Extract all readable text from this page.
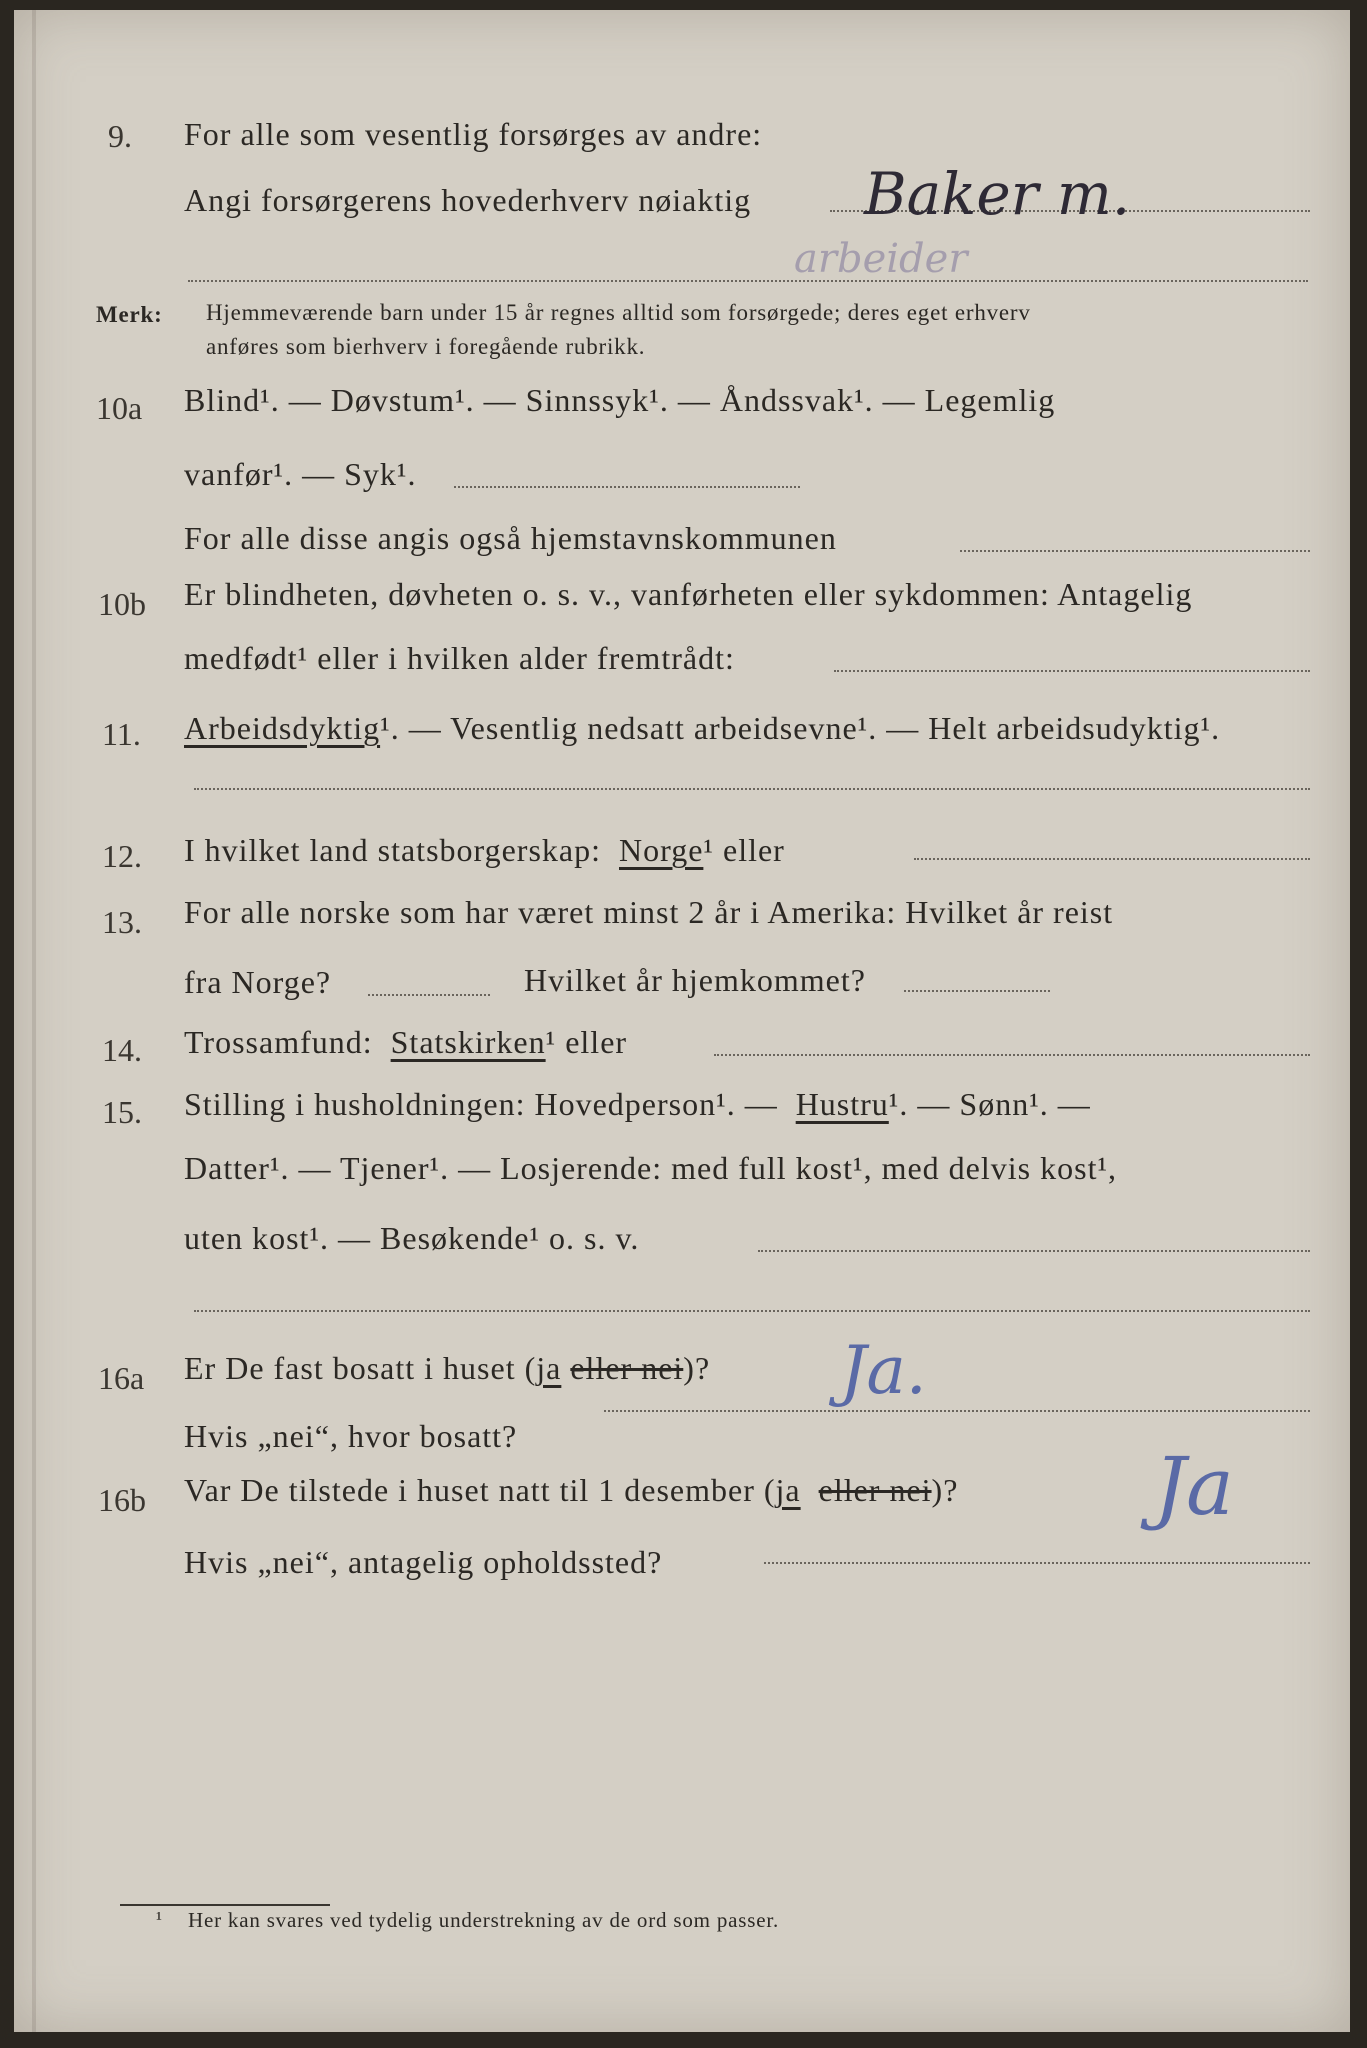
9. For alle som vesentlig forsørges av andre:
Angi forsørgerens hovederhverv nøiaktig Baker m.
arbeider
Merk: Hjemmeværende barn under 15 år regnes alltid som forsørgede; deres eget erhverv
anføres som bierhverv i foregående rubrikk.
10a Blind¹. — Døvstum¹. — Sinnssyk¹. — Åndssvak¹. — Legemlig
vanfør¹. — Syk¹.
For alle disse angis også hjemstavnskommunen
10b Er blindheten, døvheten o. s. v., vanførheten eller sykdommen: Antagelig
medfødt¹ eller i hvilken alder fremtrådt:
11. Arbeidsdyktig¹. — Vesentlig nedsatt arbeidsevne¹. — Helt arbeidsudyktig¹.
12. I hvilket land statsborgerskap: Norge¹ eller
13. For alle norske som har været minst 2 år i Amerika: Hvilket år reist
fra Norge?	Hvilket år hjemkommet?
14. Trossamfund: Statskirken¹ eller
15. Stilling i husholdningen: Hovedperson¹. — Hustru¹. — Sønn¹. —
Datter¹. — Tjener¹. — Losjerende: med full kost¹, med delvis kost¹,
uten kost¹. — Besøkende¹ o. s. v.
16a Er De fast bosatt i huset (ja eller nei)? Ja.
Hvis „nei“, hvor bosatt?
16b Var De tilstede i huset natt til 1 desember (ja eller nei)? Ja
Hvis „nei“, antagelig opholdssted?
¹ Her kan svares ved tydelig understrekning av de ord som passer.
